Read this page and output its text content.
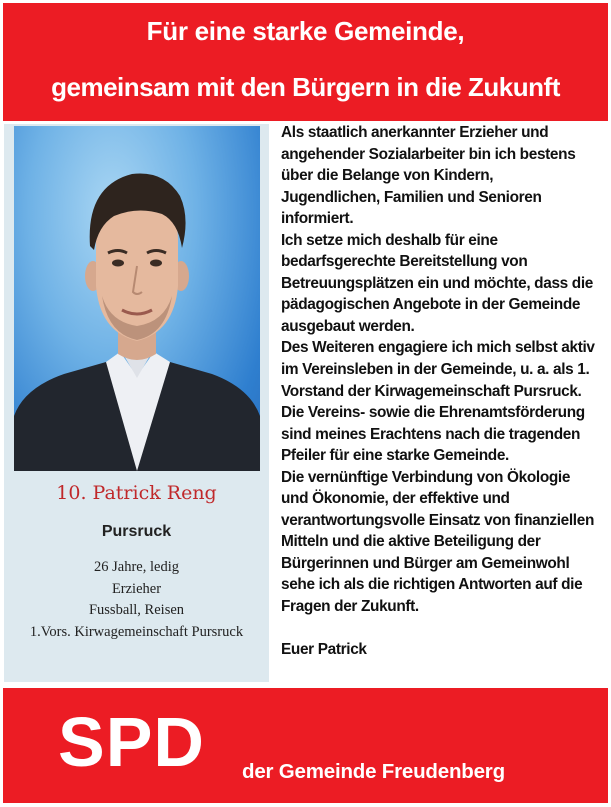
Für eine starke Gemeinde,
gemeinsam mit den Bürgern in die Zukunft
10. Patrick Reng
Pursruck
26 Jahre, ledig
Erzieher
Fussball, Reisen
1.Vors. Kirwagemeinschaft Pursruck

Als staatlich anerkannter Erzieher und

angehender Sozialarbeiter bin ich bestens

über die Belange von Kindern,

Jugendlichen, Familien und Senioren

informiert.

Ich setze mich deshalb für eine

bedarfsgerechte Bereitstellung von

Betreuungsplätzen ein und möchte, dass die

pädagogischen Angebote in der Gemeinde

ausgebaut werden.

Des Weiteren engagiere ich mich selbst aktiv

im Vereinsleben in der Gemeinde, u. a. als 1.

Vorstand der Kirwagemeinschaft Pursruck.

Die Vereins- sowie die Ehrenamtsförderung

sind meines Erachtens nach die tragenden

Pfeiler für eine starke Gemeinde.

Die vernünftige Verbindung von Ökologie

und Ökonomie, der effektive und

verantwortungsvolle Einsatz von finanziellen

Mitteln und die aktive Beteiligung der

Bürgerinnen und Bürger am Gemeinwohl

sehe ich als die richtigen Antworten auf die

Fragen der Zukunft.

Euer Patrick

SPD der Gemeinde Freudenberg
